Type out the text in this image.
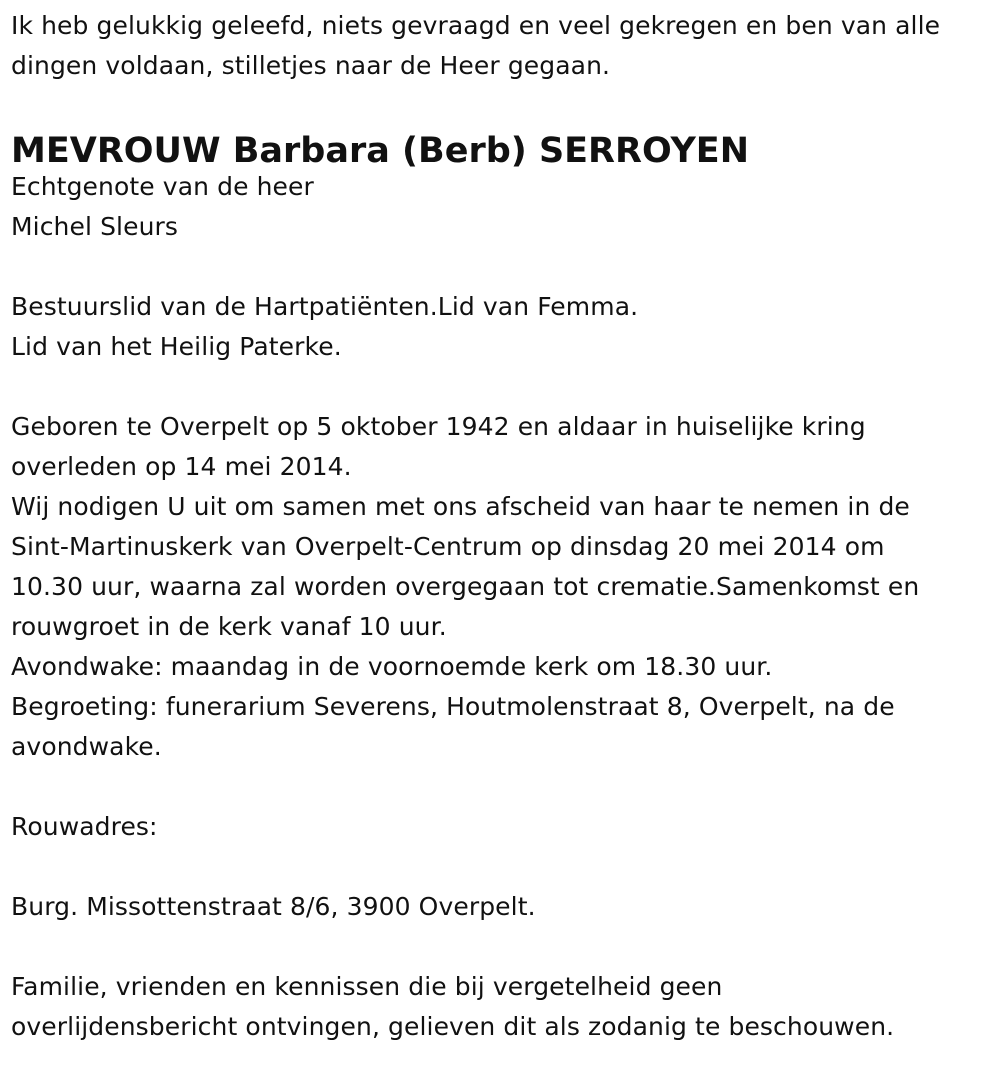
Ik heb gelukkig geleefd, niets gevraagd en veel gekregen en ben van alle
dingen voldaan, stilletjes naar de Heer gegaan.
MEVROUW Barbara (Berb) SERROYEN
Echtgenote van de heer
Michel Sleurs
Bestuurslid van de Hartpatiënten.Lid van Femma.
Lid van het Heilig Paterke.
Geboren te Overpelt op 5 oktober 1942 en aldaar in huiselijke kring
overleden op 14 mei 2014.
Wij nodigen U uit om samen met ons afscheid van haar te nemen in de
Sint-Martinuskerk van Overpelt-Centrum op dinsdag 20 mei 2014 om
10.30 uur, waarna zal worden overgegaan tot crematie.Samenkomst en
rouwgroet in de kerk vanaf 10 uur.
Avondwake: maandag in de voornoemde kerk om 18.30 uur.
Begroeting: funerarium Severens, Houtmolenstraat 8, Overpelt, na de
avondwake.
Rouwadres:
Burg. Missottenstraat 8/6, 3900 Overpelt.
Familie, vrienden en kennissen die bij vergetelheid geen
overlijdensbericht ontvingen, gelieven dit als zodanig te beschouwen.
